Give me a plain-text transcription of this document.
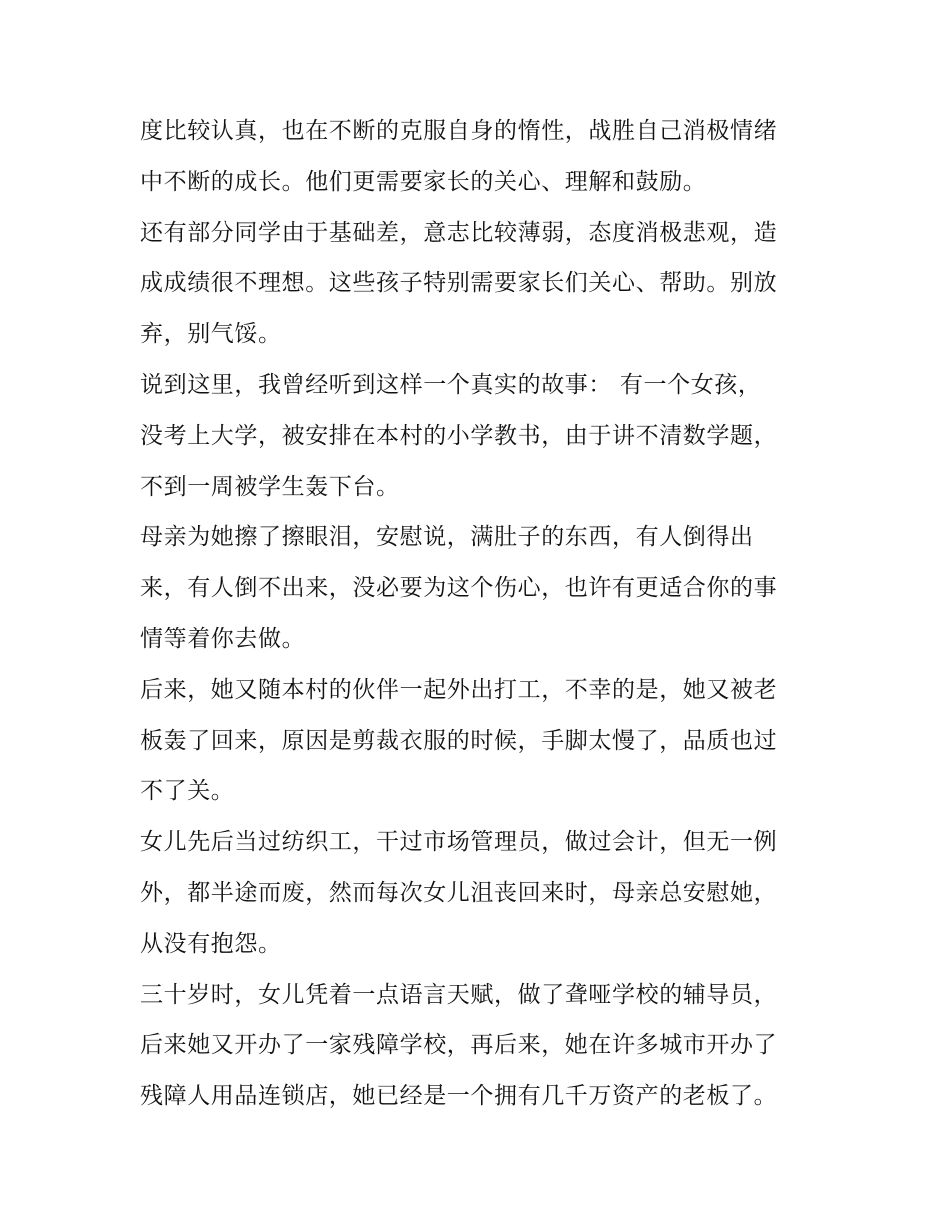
度比较认真，也在不断的克服自身的惰性，战胜自己消极情绪
中不断的成长。他们更需要家长的关心、理解和鼓励。
还有部分同学由于基础差，意志比较薄弱，态度消极悲观，造
成成绩很不理想。这些孩子特别需要家长们关心、帮助。别放
弃，别气馁。
说到这里，我曾经听到这样一个真实的故事： 有一个女孩，
没考上大学，被安排在本村的小学教书，由于讲不清数学题，
不到一周被学生轰下台。
母亲为她擦了擦眼泪，安慰说，满肚子的东西，有人倒得出
来，有人倒不出来，没必要为这个伤心，也许有更适合你的事
情等着你去做。
后来，她又随本村的伙伴一起外出打工，不幸的是，她又被老
板轰了回来，原因是剪裁衣服的时候，手脚太慢了，品质也过
不了关。
女儿先后当过纺织工，干过市场管理员，做过会计，但无一例
外，都半途而废，然而每次女儿沮丧回来时，母亲总安慰她，
从没有抱怨。
三十岁时，女儿凭着一点语言天赋，做了聋哑学校的辅导员，
后来她又开办了一家残障学校，再后来，她在许多城市开办了
残障人用品连锁店，她已经是一个拥有几千万资产的老板了。
